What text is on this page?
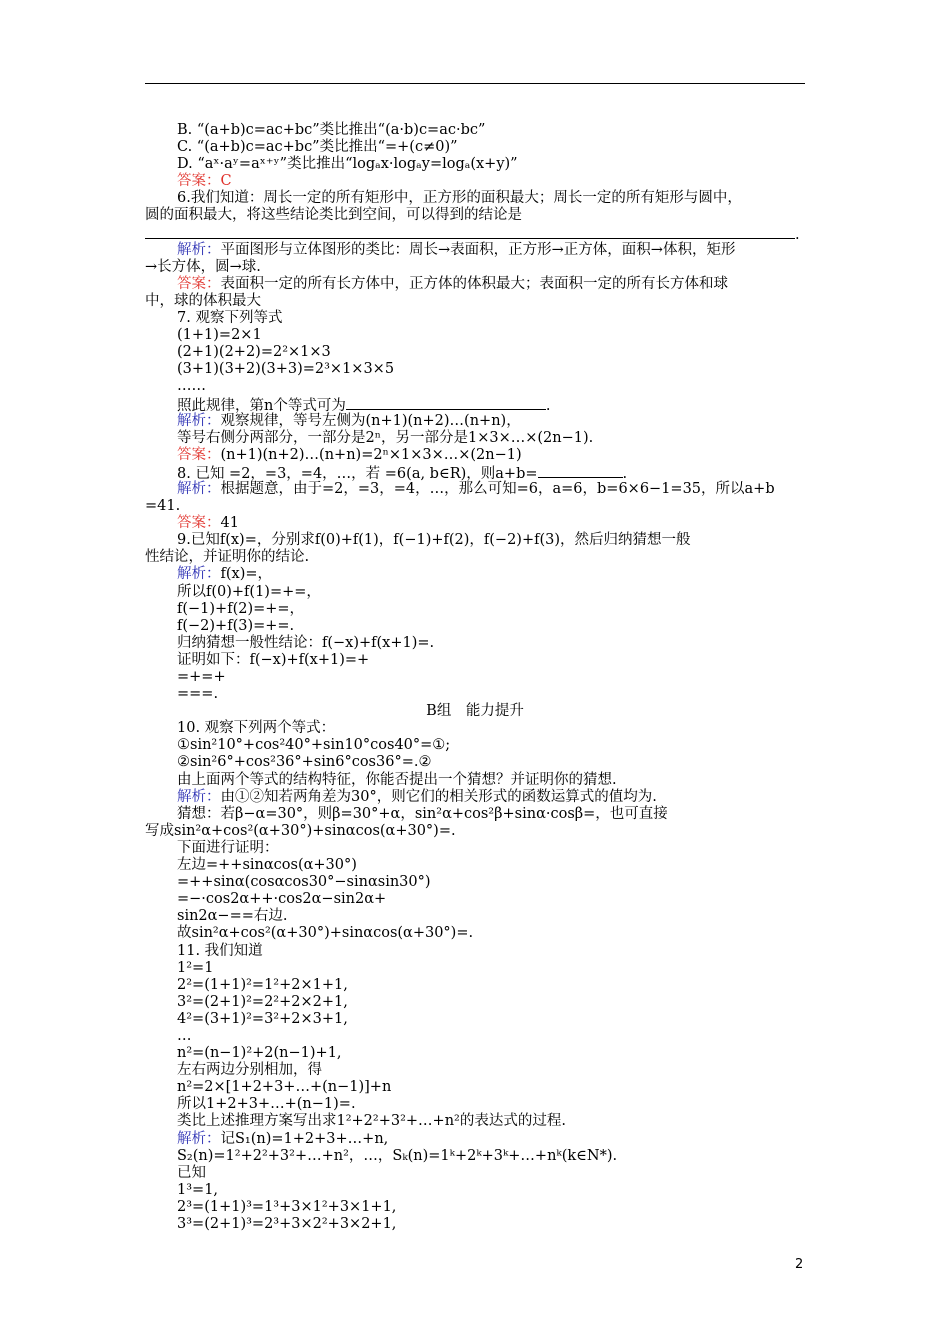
B. “(a+b)c=ac+bc”类比推出“(a·b)c=ac·bc”
C. “(a+b)c=ac+bc”类比推出“=+(c≠0)”
D. “aˣ·aʸ=aˣ⁺ʸ”类比推出“logₐx·logₐy=logₐ(x+y)”
答案：C
6.我们知道：周长一定的所有矩形中，正方形的面积最大；周长一定的所有矩形与圆中，
圆的面积最大，将这些结论类比到空间，可以得到的结论是
.
解析：平面图形与立体图形的类比：周长→表面积，正方形→正方体，面积→体积，矩形
→长方体，圆→球.
答案：表面积一定的所有长方体中，正方体的体积最大；表面积一定的所有长方体和球
中，球的体积最大
7. 观察下列等式
(1+1)=2×1
(2+1)(2+2)=2²×1×3
(3+1)(3+2)(3+3)=2³×1×3×5
……
照此规律，第n个等式可为	.
解析：观察规律，等号左侧为(n+1)(n+2)…(n+n)，
等号右侧分两部分，一部分是2ⁿ，另一部分是1×3×…×(2n−1).
答案：(n+1)(n+2)…(n+n)=2ⁿ×1×3×…×(2n−1)
8. 已知 =2，=3，=4，…，若 =6(a, b∈R)，则a+b=	.
解析：根据题意，由于=2，=3，=4，…，那么可知=6，a=6，b=6×6−1=35，所以a+b
=41.
答案：41
9.已知f(x)=，分别求f(0)+f(1)，f(−1)+f(2)，f(−2)+f(3)，然后归纳猜想一般
性结论，并证明你的结论.
解析：f(x)=，
所以f(0)+f(1)=+=，
f(−1)+f(2)=+=，
f(−2)+f(3)=+=.
归纳猜想一般性结论：f(−x)+f(x+1)=.
证明如下：f(−x)+f(x+1)=+
=+=+
===.
B组　能力提升
10. 观察下列两个等式：
①sin²10°+cos²40°+sin10°cos40°=①;
②sin²6°+cos²36°+sin6°cos36°=.②
由上面两个等式的结构特征，你能否提出一个猜想？并证明你的猜想.
解析：由①②知若两角差为30°，则它们的相关形式的函数运算式的值均为.
猜想：若β−α=30°，则β=30°+α，sin²α+cos²β+sinα·cosβ=，也可直接
写成sin²α+cos²(α+30°)+sinαcos(α+30°)=.
下面进行证明：
左边=++sinαcos(α+30°)
=++sinα(cosαcos30°−sinαsin30°)
=−·cos2α++·cos2α−sin2α+
sin2α−==右边.
故sin²α+cos²(α+30°)+sinαcos(α+30°)=.
11. 我们知道
1²=1
2²=(1+1)²=1²+2×1+1,
3²=(2+1)²=2²+2×2+1,
4²=(3+1)²=3²+2×3+1,
…
n²=(n−1)²+2(n−1)+1,
左右两边分别相加，得
n²=2×[1+2+3+…+(n−1)]+n
所以1+2+3+…+(n−1)=.
类比上述推理方案写出求1²+2²+3²+…+n²的表达式的过程.
解析：记S₁(n)=1+2+3+…+n,
S₂(n)=1²+2²+3²+…+n²，…，Sₖ(n)=1ᵏ+2ᵏ+3ᵏ+…+nᵏ(k∈N*).
已知
1³=1,
2³=(1+1)³=1³+3×1²+3×1+1,
3³=(2+1)³=2³+3×2²+3×2+1,
2
